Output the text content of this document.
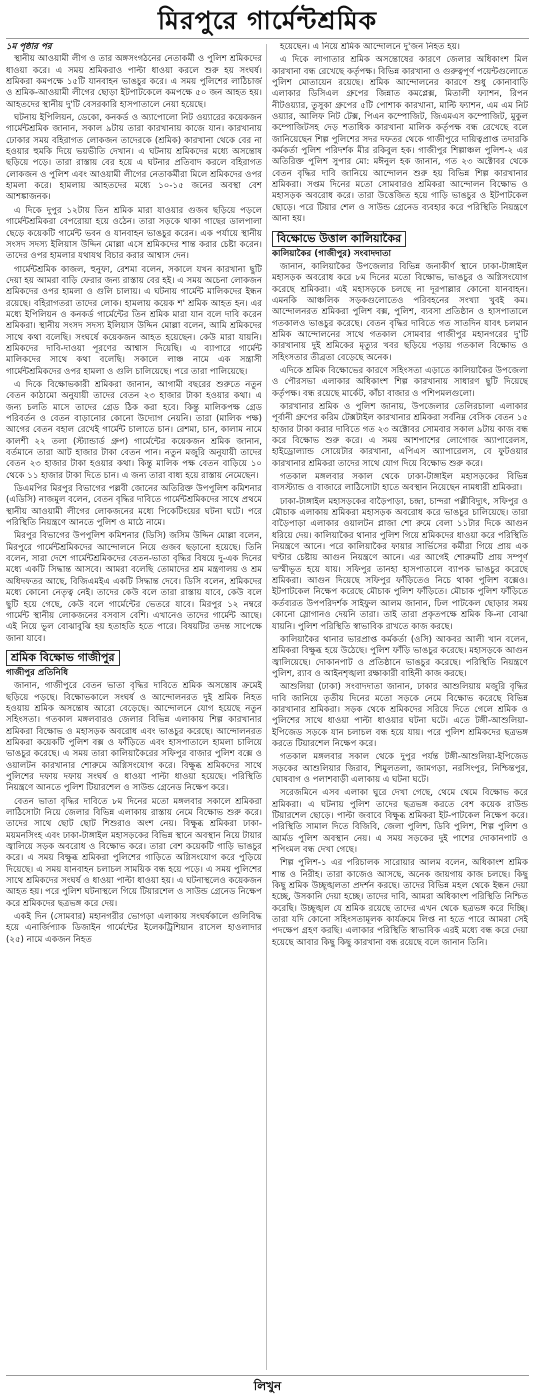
মিরপুরে গার্মেন্টশ্রমিক
১ম পৃষ্ঠার পর

স্থানীয় আওয়ামী লীগ ও তার অঙ্গসংগঠনের নেতাকর্মী ও পুলিশ শ্রমিকদের ধাওয়া করে। এ সময় শ্রমিকরাও পাল্টা ধাওয়া করলে শুরু হয় সংঘর্ষ। শ্রমিকরা কমপক্ষে ১৫টি যানবাহন ভাঙচুর করে। এ সময় পুলিশের লাঠিচার্জ ও শ্রমিক-আওয়ামী লীগের ছোড়া ইটপাটকেলে কমপক্ষে ৫০ জন আহত হয়। আহতদের স্থানীয় দু'টি বেসরকারি হাসপাতালে নেয়া হয়েছে।

ঘটনায় ইপিলিয়ন, ডেকো, কনকর্ড ও অ্যাপোলো নিট ওয়্যারের কয়েকজন গার্মেন্টশ্রমিক জানান, সকাল ৯টায় তারা কারখানায় কাজে যান। কারখানায় ঢোকার সময় বহিরাগত লোকজন তাদেরকে (শ্রমিক) কারখানা থেকে বের না হওয়ার হুমকি দিয়ে ভয়ভীতি দেখান। এ ঘটনায় শ্রমিকদের মধ্যে অসন্তোষ ছড়িয়ে পড়ে। তারা রাস্তায় বের হয়ে এ ঘটনার প্রতিবাদ করলে বহিরাগত লোকজন ও পুলিশ এবং আওয়ামী লীগের নেতাকর্মীরা মিলে শ্রমিকদের ওপর হামলা করে। হামলায় আহতদের মধ্যে ১০-১৫ জনের অবস্থা বেশ আশঙ্কাজনক।

এ দিকে দুপুর ১২টায় তিন শ্রমিক মারা যাওয়ার গুজব ছড়িয়ে পড়লে গার্মেন্টশ্রমিকরা বেপরোয়া হয়ে ওঠেন। তারা সড়কে থাকা গাছের ডালপালা ছেড়ে কয়েকটি গার্মেন্ট ভবন ও যানবাহন ভাঙচুর করেন। এক পর্যায়ে স্থানীয় সংসদ সদস্য ইলিয়াস উদ্দিন মোল্লা এসে শ্রমিকদের শান্ত করার চেষ্টা করেন। তাদের ওপর হামলার যথাযথ বিচার করার আশ্বাস দেন।

গার্মেন্টশ্রমিক কাজল, হুনুফা, রেশমা বলেন, সকালে যখন কারখানা ছুটি দেয়া হয় আমরা বাড়ি ফেরার জন্য রাস্তায় বের হই। এ সময় অচেনা লোকজন শ্রমিকদের ওপর হামলা ও গুলি চালায়। এ ঘটনায় গার্মেন্ট মালিকদের ইন্ধন রয়েছে। বহিরাগতরা তাদের লোক। হামলায় কয়েক শ' শ্রমিক আহত হন। এর মধ্যে ইপিলিয়ন ও কনকর্ড গার্মেন্টের তিন শ্রমিক মারা যান বলে দাবি করেন শ্রমিকরা। স্থানীয় সংসদ সদস্য ইলিয়াস উদ্দিন মোল্লা বলেন, আমি শ্রমিকদের সাথে কথা বলেছি। সংঘর্ষে কয়েকজন আহত হয়েছেন। কেউ মারা যায়নি। শ্রমিকদের দাবি-দাওয়া পূরণের আশ্বাস দিয়েছি। এ ব্যাপারে গার্মেন্ট মালিকদের সাথে কথা বলেছি। সকালে লাঞ্চ নামে এক সন্ত্রাসী গার্মেন্টশ্রমিকদের ওপর হামলা ও গুলি চালিয়েছে। পরে তারা পালিয়েছে।

এ দিকে বিক্ষোভকারী শ্রমিকরা জানান, আগামী বছরের শুরুতে নতুন বেতন কাঠামো অনুযায়ী তাদের বেতন ২৩ হাজার টাকা হওয়ার কথা। এ জন্য চলতি মাসে তাদের গ্রেড ঠিক করা হবে। কিন্তু মালিকপক্ষ গ্রেড পরিবর্তন ও বেতন বাড়ানোর কোনো উদ্যোগ নেয়নি। তারা (মালিক পক্ষ) আগের বেতন বহাল রেখেই গার্মেন্ট চালাতে চান। রেশমা, চান, কালাম নামে কালশী ২২ তলা (স্ট্যান্ডার্ড গ্রুপ) গার্মেন্টের কয়েকজন শ্রমিক জানান, বর্তমানে তারা আট হাজার টাকা বেতন পান। নতুন মজুরি অনুযায়ী তাদের বেতন ২৩ হাজার টাকা হওয়ার কথা। কিন্তু মালিক পক্ষ বেতন বাড়িয়ে ১০ থেকে ১১ হাজার টাকা দিতে চান। এ জন্য তারা বাধ্য হয়ে রাস্তায় নেমেছেন।

ডিএমপির মিরপুর বিভাগের পল্লবী জোনের অতিরিক্ত উপপুলিশ কমিশনার (এডিসি) নাজমুল বলেন, বেতন বৃদ্ধির দাবিতে গার্মেন্টশ্রমিকদের সাথে প্রথমে স্থানীয় আওয়ামী লীগের লোকজনের মধ্যে পিকেটিংয়ের ঘটনা ঘটে। পরে পরিস্থিতি নিয়ন্ত্রণে আনতে পুলিশ ও মাঠে নামে।

মিরপুর বিভাগের উপপুলিশ কমিশনার (ডিসি) জসিম উদ্দিন মোল্লা বলেন, মিরপুরে গার্মেন্টশ্রমিকদের আন্দোলনে নিয়ে গুজব ছড়ানো হয়েছে। তিনি বলেন, সারা দেশে গার্মেন্টশ্রমিকদের বেতন-ভাতা বৃদ্ধির বিষয়ে দু-এক দিনের মধ্যে একটি সিদ্ধান্ত আসবে। আমরা বলেছি তোমাদের শ্রম মন্ত্রণালয় ও শ্রম অধিদফতর আছে, বিজিএমইএ একটি সিদ্ধান্ত দেবে। ডিসি বলেন, শ্রমিকদের মধ্যে কোনো নেতৃত্ব নেই। তাদের কেউ বলে তারা রাস্তায় যাবে, কেউ বলে ছুটি হয়ে গেছে, কেউ বলে গার্মেন্টের ভেতরে যাবে। মিরপুর ১২ নম্বরে গার্মেন্ট স্থানীয় লোকজনের বসবাস বেশি। এখানেও তাদের গার্মেন্ট আছে। এই নিয়ে ভুল বোঝাবুঝি হয় হতাহতি হতে পারে। বিষয়টির তদন্ত সাপেক্ষে জানা যাবে।

শ্রমিক বিক্ষোভ গাজীপুর

গাজীপুর প্রতিনিধি

জানান, গাজীপুরে বেতন ভাতা বৃদ্ধির দাবিতে শ্রমিক অসন্তোষ ক্রমেই ছড়িয়ে পড়ছে। বিক্ষোভকালে সংঘর্ষ ও আন্দোলনরত দুই শ্রমিক নিহত হওয়ায় শ্রমিক অসন্তোষ আরো বেড়েছে। আন্দোলনে যোগ হয়েছে নতুন সহিংসতা। গতকাল মঙ্গলবারও জেলার বিভিন্ন এলাকায় শিল্প কারখানার শ্রমিকরা বিক্ষোভ ও মহাসড়ক অবরোধ এবং ভাঙচুর করেছে। আন্দোলনরত শ্রমিকরা কয়েকটি পুলিশ বক্স ও ফাঁড়িতে এবং হাসপাতালে হামলা চালিয়ে ভাঙচুর করেছে। এ সময় তারা কালিয়াকৈরের সফিপুর বাজার পুলিশ বক্সে ও ওয়ালটন কারখানার শোরুমে অগ্নিসংযোগ করে। বিক্ষুব্ধ শ্রমিকদের সাথে পুলিশের দফায় দফায় সংঘর্ষ ও ধাওয়া পাল্টা ধাওয়া হয়েছে। পরিস্থিতি নিয়ন্ত্রণে আনতে পুলিশ টিয়ারশেল ও সাউন্ড গ্রেনেড নিক্ষেপ করে।

বেতন ভাতা বৃদ্ধির দাবিতে ৮ম দিনের মতো মঙ্গলবার সকালে শ্রমিকরা লাঠিসোটা নিয়ে জেলার বিভিন্ন এলাকায় রাস্তায় নেমে বিক্ষোভ শুরু করে। তাদের সাথে ছোট ছোট শিশুরাও অংশ নেয়। বিক্ষুব্ধ শ্রমিকরা ঢাকা-ময়মনসিংহ এবং ঢাকা-টাঙ্গাইল মহাসড়কের বিভিন্ন স্থানে অবস্থান নিয়ে টায়ার জ্বালিয়ে সড়ক অবরোধ ও বিক্ষোভ করে। তারা বেশ কয়েকটি গাড়ি ভাঙচুর করে। এ সময় বিক্ষুব্ধ শ্রমিকরা পুলিশের গাড়িতে অগ্নিসংযোগ করে পুড়িয়ে দিয়েছে। এ সময় যানবাহন চলাচল সাময়িক বন্ধ হয়ে পড়ে। এ সময় পুলিশের সাথে শ্রমিকদের সংঘর্ষ ও ধাওয়া পাল্টা ধাওয়া হয়। এ ঘটনাস্থলেও কয়েকজন আহত হয়। পরে পুলিশ ঘটনাস্থলে গিয়ে টিয়ারশেল ও সাউন্ড গ্রেনেড নিক্ষেপ করে শ্রমিকদের ছত্রভঙ্গ করে দেয়।

একই দিন (সোমবার) মহানগরীর ভোগড়া এলাকায় সংঘর্ষকালে গুলিবিদ্ধ হয়ে এনার্জিপ্যাক ডিজাইন গার্মেন্টের ইলেকট্রিশিয়ান রাসেল হাওলাদার (২৫) নামে একজন নিহত

হয়েছেন। এ নিয়ে শ্রমিক আন্দোলনে দু'জন নিহত হয়।

এ দিকে লাগাতার শ্রমিক অসন্তোষের কারণে জেলার অধিকাংশ মিল কারখানা বন্ধ রেখেছে কর্তৃপক্ষ। বিভিন্ন কারখানা ও গুরুত্বপূর্ণ পয়েন্টগুলোতে পুলিশ মোতায়েন রয়েছে। শ্রমিক আন্দোলনের কারণে শুধু কোনাবাড়ি এলাকার ডিসিএল গ্রুপের জিন্নাত কমপ্লেক্স, মিতালী ফ্যাশন, রিপন নীটওয়্যার, তুসুকা গ্রুপের ৫টি পোশাক কারখানা, মাল্টি ফ্যাশন, এম এম নিট ওয়্যার, আলিফ নিট টেক্স, পিএন কম্পোজিট, জিএমএস কম্পোজিট, মুকুল কম্পোজিটসহ দেড় শতাধিক কারখানা মালিক কর্তৃপক্ষ বন্ধ রেখেছে বলে জানিয়েছেন শিল্প পুলিশের সদর দফতর থেকে গাজীপুরে দায়িত্বপ্রাপ্ত তদারকি কর্মকর্তা পুলিশ পরিদর্শক মীর রকিবুল হক। গাজীপুর শিল্পাঞ্চল পুলিশ-২ এর অতিরিক্ত পুলিশ সুপার মো: মঈনুল হক জানান, গত ২৩ অক্টোবর থেকে বেতন বৃদ্ধির দাবি জানিয়ে আন্দোলন শুরু হয় বিভিন্ন শিল্প কারখানার শ্রমিকরা। সপ্তম দিনের মতো সোমবারও শ্রমিকরা আন্দোলন বিক্ষোভ ও মহাসড়ক অবরোধ করে। তারা উত্তেজিত হয়ে গাড়ি ভাঙচুর ও ইটপাটকেল ছোড়ে। পরে টিয়ার শেল ও সাউন্ড গ্রেনেড ব্যবহার করে পরিস্থিতি নিয়ন্ত্রণে আনা হয়।

বিক্ষোভে উত্তাল কালিয়াকৈর

কালিয়াকৈর (গাজীপুর) সংবাদদাতা

জানান, কালিয়াকৈর উপজেলার বিভিন্ন জনাকীর্ণ স্থানে ঢাকা-টাঙ্গাইল মহাসড়ক অবরোধ করে ৮ম দিনের মতো বিক্ষোভ, ভাঙচুর ও অগ্নিসংযোগ করেছে শ্রমিকরা। এই মহাসড়কে চলছে না দূরপাল্লার কোনো যানবাহন। এমনকি আঞ্চলিক সড়কগুলোতেও পরিবহনের সংখ্যা খুবই কম। আন্দোলনরত শ্রমিকরা পুলিশ বক্স, পুলিশ, ব্যবসা প্রতিষ্ঠান ও হাসপাতালে গতকালও ভাঙচুর করেছে। বেতন বৃদ্ধির দাবিতে গত সাতদিন যাবৎ চলমান শ্রমিক আন্দোলনের সাথে গতকাল সোমবার গাজীপুর মহানগরের দু'টি কারখানায় দুই শ্রমিকের মৃত্যুর খবর ছড়িয়ে পড়ায় গতকাল বিক্ষোভ ও সহিংসতার তীব্রতা বেড়েছে অনেক।

এদিকে শ্রমিক বিক্ষোভের কারণে সহিংসতা এড়াতে কালিয়াকৈর উপজেলা ও পৌরসভা এলাকার অধিকাংশ শিল্প কারখানায় সাধারণ ছুটি দিয়েছে কর্তৃপক্ষ। বন্ধ রয়েছে মার্কেট, কাঁচা বাজার ও পশিপমলগুলো।

কারখানার শ্রমিক ও পুলিশ জানায়, উপজেলার তেলিরচালা এলাকার পূর্বানী গ্রুপের করিম টেক্সটাইল কারখানার শ্রমিকরা সর্বনিম্ন বেসিক বেতন ১৫ হাজার টাকা করার দাবিতে গত ২৩ অক্টোবর সোমবার সকাল ৯টায় কাজ বন্ধ করে বিক্ষোভ শুরু করে। এ সময় আশপাশের লোগোজ অ্যাপারেলস, হাইড্রোল্যান্ড সোয়েটার কারখানা, এপিএস অ্যাপারেলস, বে ফুটওয়ার কারখানার শ্রমিকরা তাদের সাথে যোগ দিয়ে বিক্ষোভ শুরু করে।

গতকাল মঙ্গলবার সকাল থেকে ঢাকা-টাঙ্গাইল মহাসড়কের বিভিন্ন বাসস্ট্যান্ড ও বাজারে লাঠিসোটা হাতে অবস্থান নিয়েছেন নামধারী শ্রমিকরা।

ঢাকা-টাঙ্গাইল মহাসড়কের বাড়ৈপাড়া, চন্দ্রা, চান্দরা পল্লীবিদ্যুৎ, সফিপুর ও মৌচাক এলাকায় শ্রমিকরা মহাসড়ক অবরোধ করে ভাঙচুর চালিয়েছে। তারা বাড়ৈপাড়া এলাকার ওয়ালটন প্লাজা শো রুমে বেলা ১১টার দিকে আগুন ধরিয়ে দেয়। কালিয়াকৈর থানার পুলিশ গিয়ে শ্রমিকদের ধাওয়া করে পরিস্থিতি নিয়ন্ত্রণে আনে। পরে কালিয়াকৈর ফায়ার সার্ভিসের কর্মীরা গিয়ে প্রায় এক ঘণ্টার চেষ্টায় আগুন নিয়ন্ত্রণে আনে। এর আগেই শোরুমটি প্রায় সম্পূর্ণ ভস্মীভূত হয়ে যায়। সফিপুর তানহা হাসপাতালে ব্যাপক ভাঙচুর করেছে শ্রমিকরা। আগুন দিয়েছে সফিপুর ফাঁড়িতেও নিচে থাকা পুলিশ বক্সেও। ইটপাটকেল নিক্ষেপ করেছে মৌচাক পুলিশ ফাঁড়িতে। মৌচাক পুলিশ ফাঁড়িতে কর্তব্যরত উপপরিদর্শক সাইফুল আলম জানান, ঢিল পাটকেল ছোড়ার সময় কোনো স্লোগানও দেয়নি তারা। তাই তারা প্রকৃতপক্ষে শ্রমিক কি-না বোঝা যায়নি। পুলিশ পরিস্থিতি স্বাভাবিক রাখতে কাজ করছে।

কালিয়াকৈর থানার ভারপ্রাপ্ত কর্মকর্তা (ওসি) আকবর আলী খান বলেন, শ্রমিকরা বিক্ষুব্ধ হয়ে উঠেছে। পুলিশ ফাঁড়ি ভাঙচুর করেছে। মহাসড়কে আগুন জ্বালিয়েছে। দোকানপাট ও প্রতিষ্ঠানে ভাঙচুর করেছে। পরিস্থিতি নিয়ন্ত্রণে পুলিশ, র‍্যাব ও আইনশৃঙ্খলা রক্ষাকারী বাহিনী কাজ করছে।

আশুলিয়া (ঢাকা) সংবাদদাতা জানান, ঢাকার আশুলিয়ায় মজুরি বৃদ্ধির দাবি জানিয়ে তৃতীয় দিনের মতো সড়কে নেমে বিক্ষোভ করেছে বিভিন্ন কারখানার শ্রমিকরা। সড়ক থেকে শ্রমিকদের সরিয়ে দিতে গেলে শ্রমিক ও পুলিশের সাথে ধাওয়া পাল্টা ধাওয়ার ঘটনা ঘটে। এতে টঙ্গী-আশুলিয়া-ইপিজেড সড়কে যান চলাচল বন্ধ হয়ে যায়। পরে পুলিশ শ্রমিকদের ছত্রভঙ্গ করতে টিয়ারশেল নিক্ষেপ করে।

গতকাল মঙ্গলবার সকাল থেকে দুপুর পর্যন্ত টঙ্গী-আশুলিয়া-ইপিজেড সড়কের আশুলিয়ার জিরাব, শিমুলতলা, জামগড়া, নরসিংপুর, নিশ্চিন্তপুর, ঘোষবাগ ও পলাশবাড়ী এলাকায় এ ঘটনা ঘটে।

সরেজমিনে এসব এলাকা ঘুরে দেখা গেছে, থেমে থেমে বিক্ষোভ করে শ্রমিকরা। এ ঘটনায় পুলিশ তাদের ছত্রভঙ্গ করতে বেশ কয়েক রাউন্ড টিয়ারশেল ছোড়ে। পাল্টা জবাবে বিক্ষুব্ধ শ্রমিকরা ইট-পাটকেল নিক্ষেপ করে। পরিস্থিতি সামাল দিতে বিজিবি, জেলা পুলিশ, ডিবি পুলিশ, শিল্প পুলিশ ও আর্মড পুলিশ অবস্থান নেয়। এ সময় সড়কের দুই পাশের দোকানপাট ও শপিংমল বন্ধ দেখা গেছে।

শিল্প পুলিশ-১ এর পরিচালক সারোয়ার আলম বলেন, অধিকাংশ শ্রমিক শান্ত ও নিরীহ। তারা কাজেও আসছে, অনেক জায়গায় কাজ চলছে। কিছু কিছু শ্রমিক উচ্ছৃঙ্খলতা প্রদর্শন করছে। তাদের বিভিন্ন মহল থেকে ইন্ধন দেয়া হচ্ছে, উসকানি দেয়া হচ্ছে। তাদের দাবি, আমরা অধিকাংশ পরিস্থিতি নিশ্চিত করেছি। উচ্ছৃঙ্খল যে শ্রমিক রয়েছে তাদের এখন থেকে ছত্রভঙ্গ করে দিচ্ছি। তারা যদি কোনো সহিংসতামূলক কার্যক্রমে লিপ্ত না হতে পারে আমরা সেই পদক্ষেপ গ্রহণ করছি। এলাকার পরিস্থিতি স্বাভাবিক এরই মধ্যে বন্ধ করে দেয়া হয়েছে আবার কিছু কিছু কারখানা বন্ধ রয়েছে বলে জানান তিনি।

লিখুন
